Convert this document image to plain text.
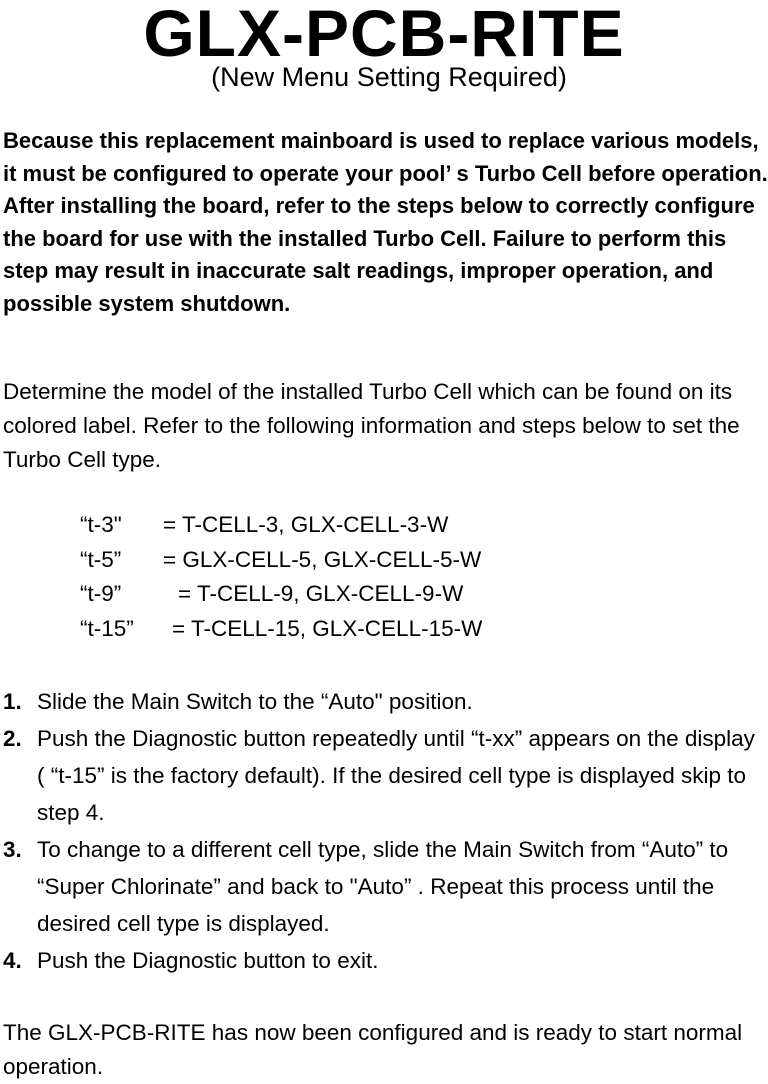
GLX-PCB-RITE
(New Menu Setting Required)
Because this replacement mainboard is used to replace various models, it must be configured to operate your pool’ s Turbo Cell before operation. After installing the board, refer to the steps below to correctly configure the board for use with the installed Turbo Cell. Failure to perform this step may result in inaccurate salt readings, improper operation, and possible system shutdown.
Determine the model of the installed Turbo Cell which can be found on its colored label. Refer to the following information and steps below to set the Turbo Cell type.
“t-3" = T-CELL-3, GLX-CELL-3-W
“t-5” = GLX-CELL-5, GLX-CELL-5-W
“t-9”	= T-CELL-9, GLX-CELL-9-W
“t-15” = T-CELL-15, GLX-CELL-15-W
1. Slide the Main Switch to the “Auto" position.
2. Push the Diagnostic button repeatedly until “t-xx” appears on the display ( “t-15” is the factory default). If the desired cell type is displayed skip to step 4.
3. To change to a different cell type, slide the Main Switch from “Auto” to “Super Chlorinate” and back to "Auto” . Repeat this process until the desired cell type is displayed.
4. Push the Diagnostic button to exit.
The GLX-PCB-RITE has now been configured and is ready to start normal operation.
